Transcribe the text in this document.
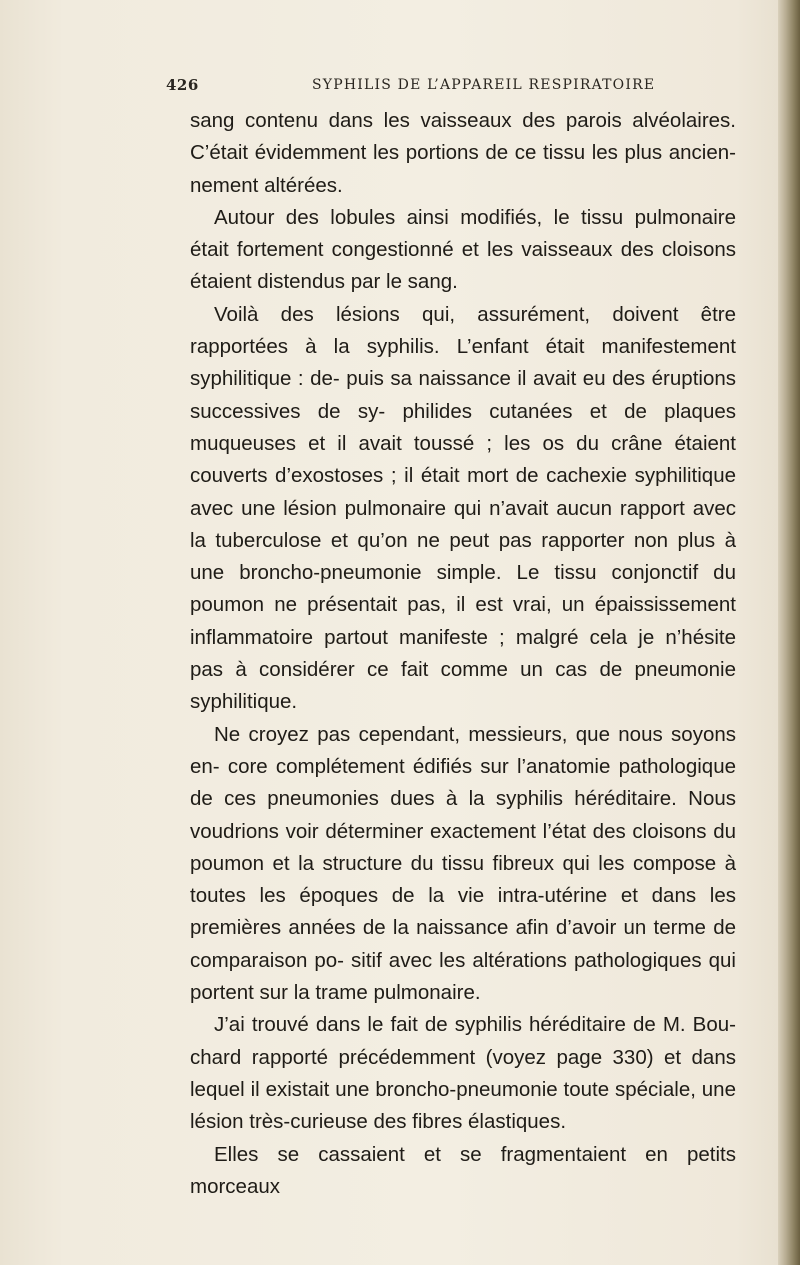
426	SYPHILIS DE L’APPAREIL RESPIRATOIRE

sang contenu dans les vaisseaux des parois alvéolaires. C’était évidemment les portions de ce tissu les plus ancien- nement altérées.

Autour des lobules ainsi modifiés, le tissu pulmonaire était fortement congestionné et les vaisseaux des cloisons étaient distendus par le sang.

Voilà des lésions qui, assurément, doivent être rapportées à la syphilis. L’enfant était manifestement syphilitique : de- puis sa naissance il avait eu des éruptions successives de sy- philides cutanées et de plaques muqueuses et il avait toussé ; les os du crâne étaient couverts d’exostoses ; il était mort de cachexie syphilitique avec une lésion pulmonaire qui n’avait aucun rapport avec la tuberculose et qu’on ne peut pas rapporter non plus à une broncho-pneumonie simple. Le tissu conjonctif du poumon ne présentait pas, il est vrai, un épaississement inflammatoire partout manifeste ; malgré cela je n’hésite pas à considérer ce fait comme un cas de pneumonie syphilitique.

Ne croyez pas cependant, messieurs, que nous soyons en- core complétement édifiés sur l’anatomie pathologique de ces pneumonies dues à la syphilis héréditaire. Nous voudrions voir déterminer exactement l’état des cloisons du poumon et la structure du tissu fibreux qui les compose à toutes les époques de la vie intra-utérine et dans les premières années de la naissance afin d’avoir un terme de comparaison po- sitif avec les altérations pathologiques qui portent sur la trame pulmonaire.

J’ai trouvé dans le fait de syphilis héréditaire de M. Bou- chard rapporté précédemment (voyez page 330) et dans lequel il existait une broncho-pneumonie toute spéciale, une lésion très-curieuse des fibres élastiques.

Elles se cassaient et se fragmentaient en petits morceaux
